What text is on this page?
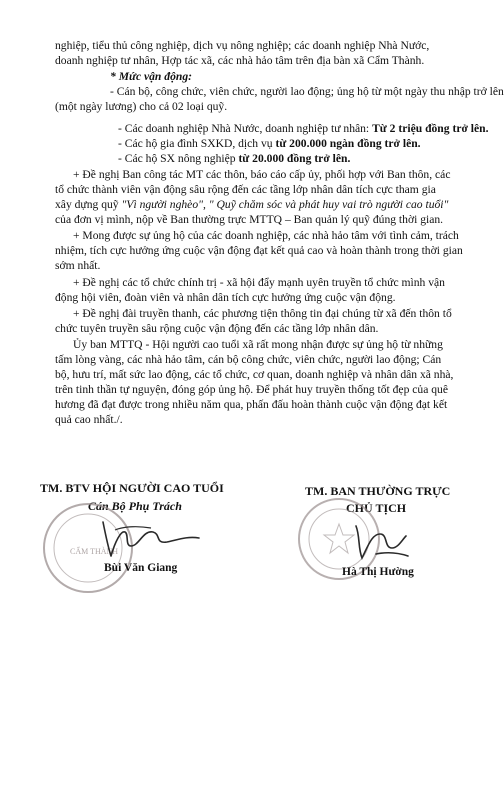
nghiệp, tiểu thủ công nghiệp, dịch vụ nông nghiệp; các doanh nghiệp Nhà Nước,
doanh nghiệp tư nhân, Hợp tác xã, các nhà hảo tâm trên địa bàn xã Cẩm Thành.
* Mức vận động:
- Cán bộ, công chức, viên chức, người lao động; ủng hộ từ một ngày thu nhập trở lên
(một ngày lương) cho cả 02 loại quỹ.
- Các doanh nghiệp Nhà Nước, doanh nghiệp tư nhân: Từ 2 triệu đồng trở lên.
- Các hộ gia đình SXKD, dịch vụ từ 200.000 ngàn đồng trở lên.
- Các hộ SX nông nghiệp từ 20.000 đồng trở lên.
+ Đề nghị Ban công tác MT các thôn, báo cáo cấp ủy, phối hợp với Ban thôn, các
tổ chức thành viên vận động sâu rộng đến các tầng lớp nhân dân tích cực tham gia
xây dựng quỹ "Vì người nghèo", " Quỹ chăm sóc và phát huy vai trò người cao tuổi"
của đơn vị mình, nộp về Ban thường trực MTTQ – Ban quản lý quỹ đúng thời gian.
+ Mong được sự ủng hộ của các doanh nghiệp, các nhà hảo tâm với tình cảm, trách
nhiệm, tích cực hưởng ứng cuộc vận động đạt kết quả cao và hoàn thành trong thời gian
sớm nhất.
+ Đề nghị các tổ chức chính trị - xã hội đẩy mạnh uyên truyền tổ chức mình vận
động hội viên, đoàn viên và nhân dân tích cực hưởng ứng cuộc vận động.
+ Đề nghị đài truyền thanh, các phương tiện thông tin đại chúng từ xã đến thôn tổ
chức tuyên truyền sâu rộng cuộc vận động đến các tầng lớp nhân dân.
Ủy ban MTTQ - Hội người cao tuổi xã rất mong nhận được sự ủng hộ từ những
tấm lòng vàng, các nhà hảo tâm, cán bộ công chức, viên chức, người lao động; Cán
bộ, hưu trí, mất sức lao động, các tổ chức, cơ quan, doanh nghiệp và nhân dân xã nhà,
trên tinh thần tự nguyện, đóng góp ủng hộ. Để phát huy truyền thống tốt đẹp của quê
hương đã đạt được trong nhiều năm qua, phấn đấu hoàn thành cuộc vận động đạt kết
quả cao nhất./.
TM. BTV HỘI NGƯỜI CAO TUỔI
Cán Bộ Phụ Trách
CẨM THÀNH
Bùi Văn Giang
TM. BAN THƯỜNG TRỰC
CHỦ TỊCH
Hà Thị Hường
